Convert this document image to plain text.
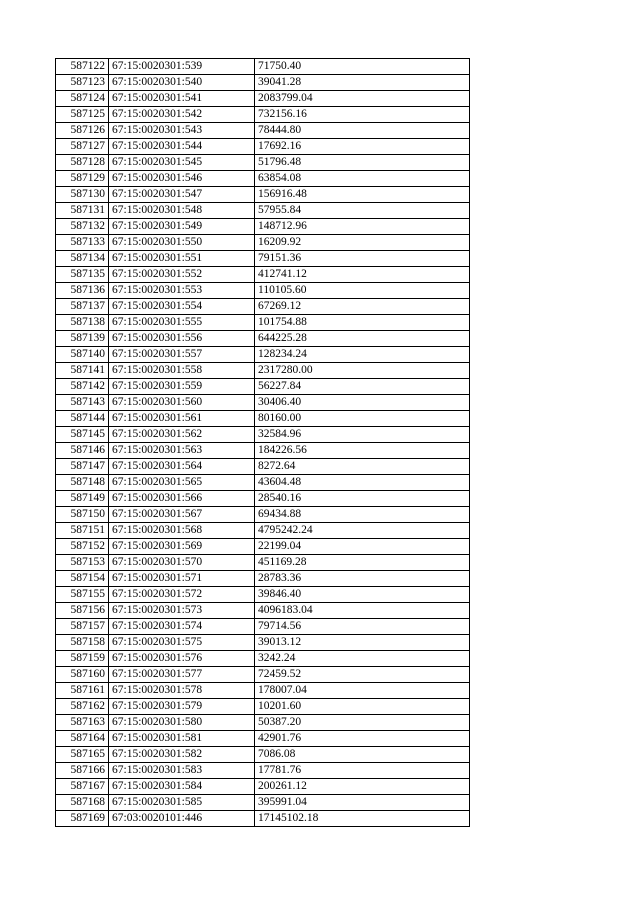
587122	67:15:0020301:539	71750.40
587123	67:15:0020301:540	39041.28
587124	67:15:0020301:541	2083799.04
587125	67:15:0020301:542	732156.16
587126	67:15:0020301:543	78444.80
587127	67:15:0020301:544	17692.16
587128	67:15:0020301:545	51796.48
587129	67:15:0020301:546	63854.08
587130	67:15:0020301:547	156916.48
587131	67:15:0020301:548	57955.84
587132	67:15:0020301:549	148712.96
587133	67:15:0020301:550	16209.92
587134	67:15:0020301:551	79151.36
587135	67:15:0020301:552	412741.12
587136	67:15:0020301:553	110105.60
587137	67:15:0020301:554	67269.12
587138	67:15:0020301:555	101754.88
587139	67:15:0020301:556	644225.28
587140	67:15:0020301:557	128234.24
587141	67:15:0020301:558	2317280.00
587142	67:15:0020301:559	56227.84
587143	67:15:0020301:560	30406.40
587144	67:15:0020301:561	80160.00
587145	67:15:0020301:562	32584.96
587146	67:15:0020301:563	184226.56
587147	67:15:0020301:564	8272.64
587148	67:15:0020301:565	43604.48
587149	67:15:0020301:566	28540.16
587150	67:15:0020301:567	69434.88
587151	67:15:0020301:568	4795242.24
587152	67:15:0020301:569	22199.04
587153	67:15:0020301:570	451169.28
587154	67:15:0020301:571	28783.36
587155	67:15:0020301:572	39846.40
587156	67:15:0020301:573	4096183.04
587157	67:15:0020301:574	79714.56
587158	67:15:0020301:575	39013.12
587159	67:15:0020301:576	3242.24
587160	67:15:0020301:577	72459.52
587161	67:15:0020301:578	178007.04
587162	67:15:0020301:579	10201.60
587163	67:15:0020301:580	50387.20
587164	67:15:0020301:581	42901.76
587165	67:15:0020301:582	7086.08
587166	67:15:0020301:583	17781.76
587167	67:15:0020301:584	200261.12
587168	67:15:0020301:585	395991.04
587169	67:03:0020101:446	17145102.18
